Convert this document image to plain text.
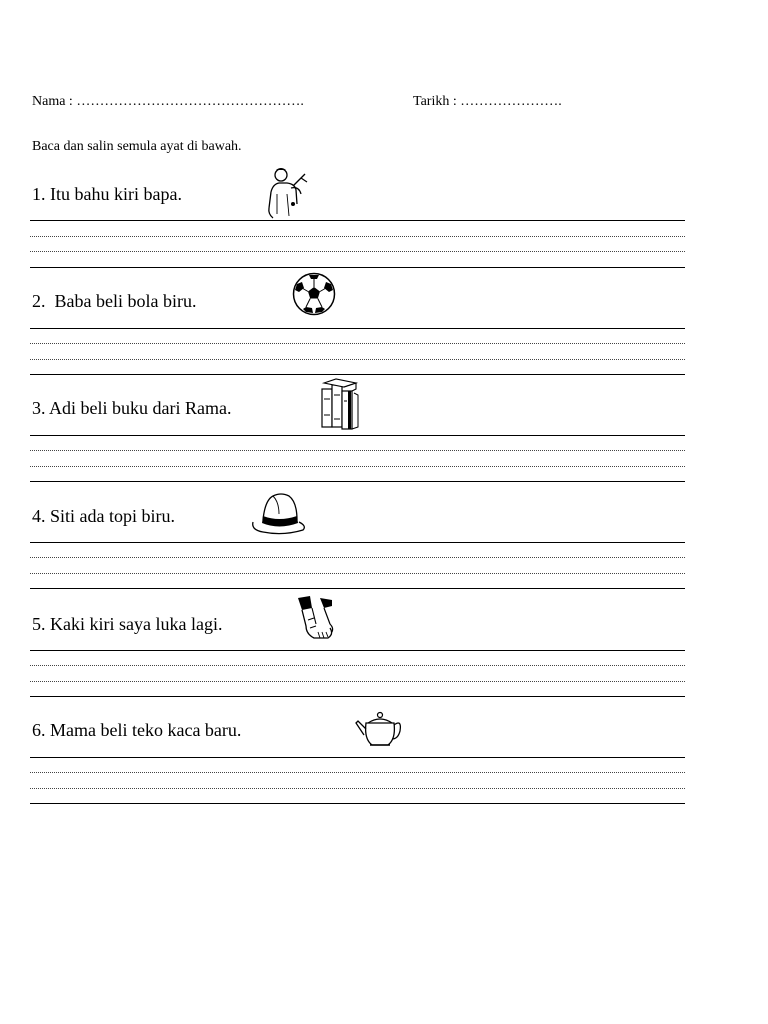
Nama : ………………………………………….	Tarikh : ………………….
Baca dan salin semula ayat di bawah.
1. Itu bahu kiri bapa.
2.  Baba beli bola biru.
3. Adi beli buku dari Rama.
4. Siti ada topi biru.
5. Kaki kiri saya luka lagi.
6. Mama beli teko kaca baru.
